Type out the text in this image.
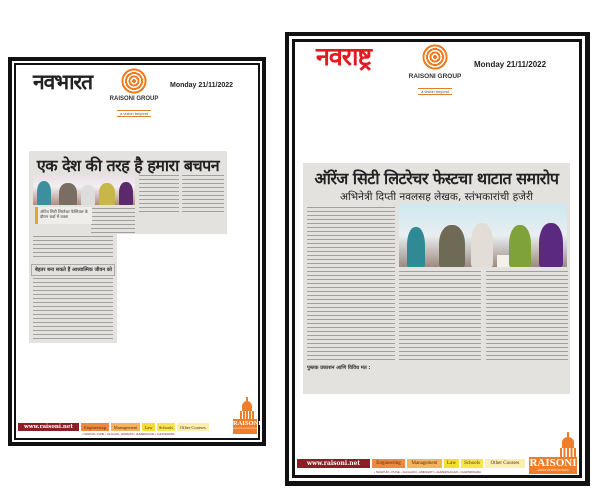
नवभारत
RAISONI GROUP
a vision beyond
Monday 21/11/2022
एक देश की तरह है हमारा बचपन
ऑरेंज सिटी लिटरेचर फेस्टिवल के दौरान चर्चा में वक्ता
बेहतर बना सकते हैं आध्यात्मिक जीवन को
www.raisoni.net	Engineering	Management	Law	Schools	Other Courses
• NAGPUR • PUNE • JALGAON • AMRAVATI • AHMEDNAGAR • CHHINDWARA
RAISONI
GROUP OF INSTITUTIONS
नवराष्ट्र
RAISONI GROUP
a vision beyond
Monday 21/11/2022
ऑरेंज सिटी लिटरेचर फेस्टचा थाटात समारोप
अभिनेत्री दिप्ती नवलसह लेखक, स्तंभकारांची हजेरी
पुस्तक प्रकाशन आणि विविध मत :
www.raisoni.net	Engineering	Management	Law	Schools	Other Courses
• NAGPUR • PUNE • JALGAON • AMRAVATI • AHMEDNAGAR • CHHINDWARA
RAISONI
GROUP OF INSTITUTIONS
